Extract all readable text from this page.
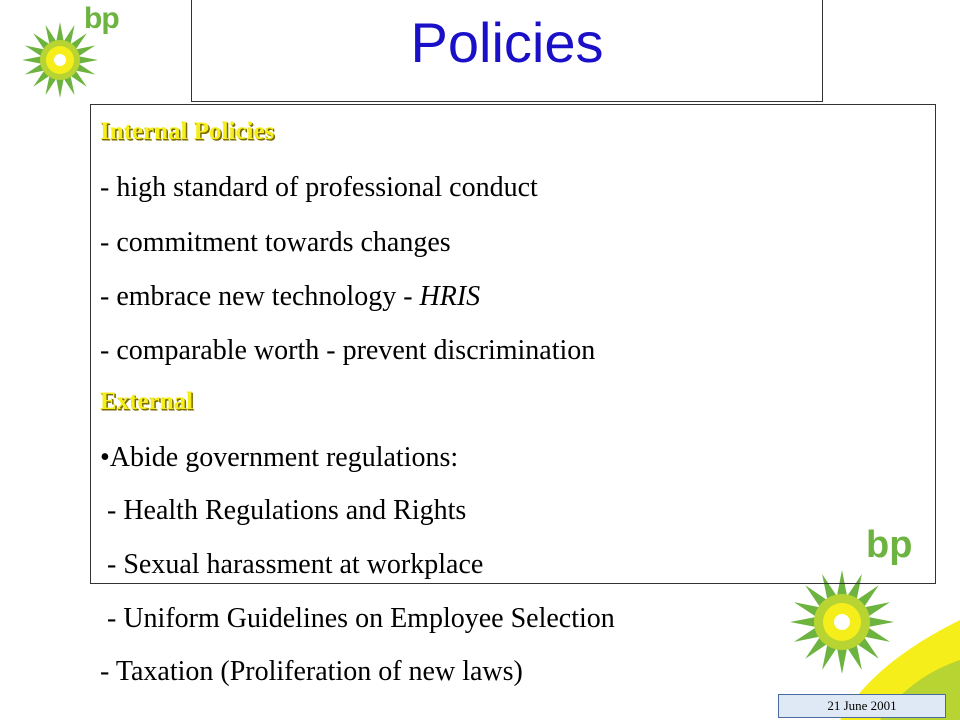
bp	Policies
bp
Internal Policies
- high standard of professional conduct
- commitment towards changes
- embrace new technology - HRIS
- comparable worth - prevent discrimination
External
•Abide government regulations:
- Health Regulations and Rights
- Sexual harassment at workplace
- Uniform Guidelines on Employee Selection
- Taxation (Proliferation of new laws)
21 June 2001
